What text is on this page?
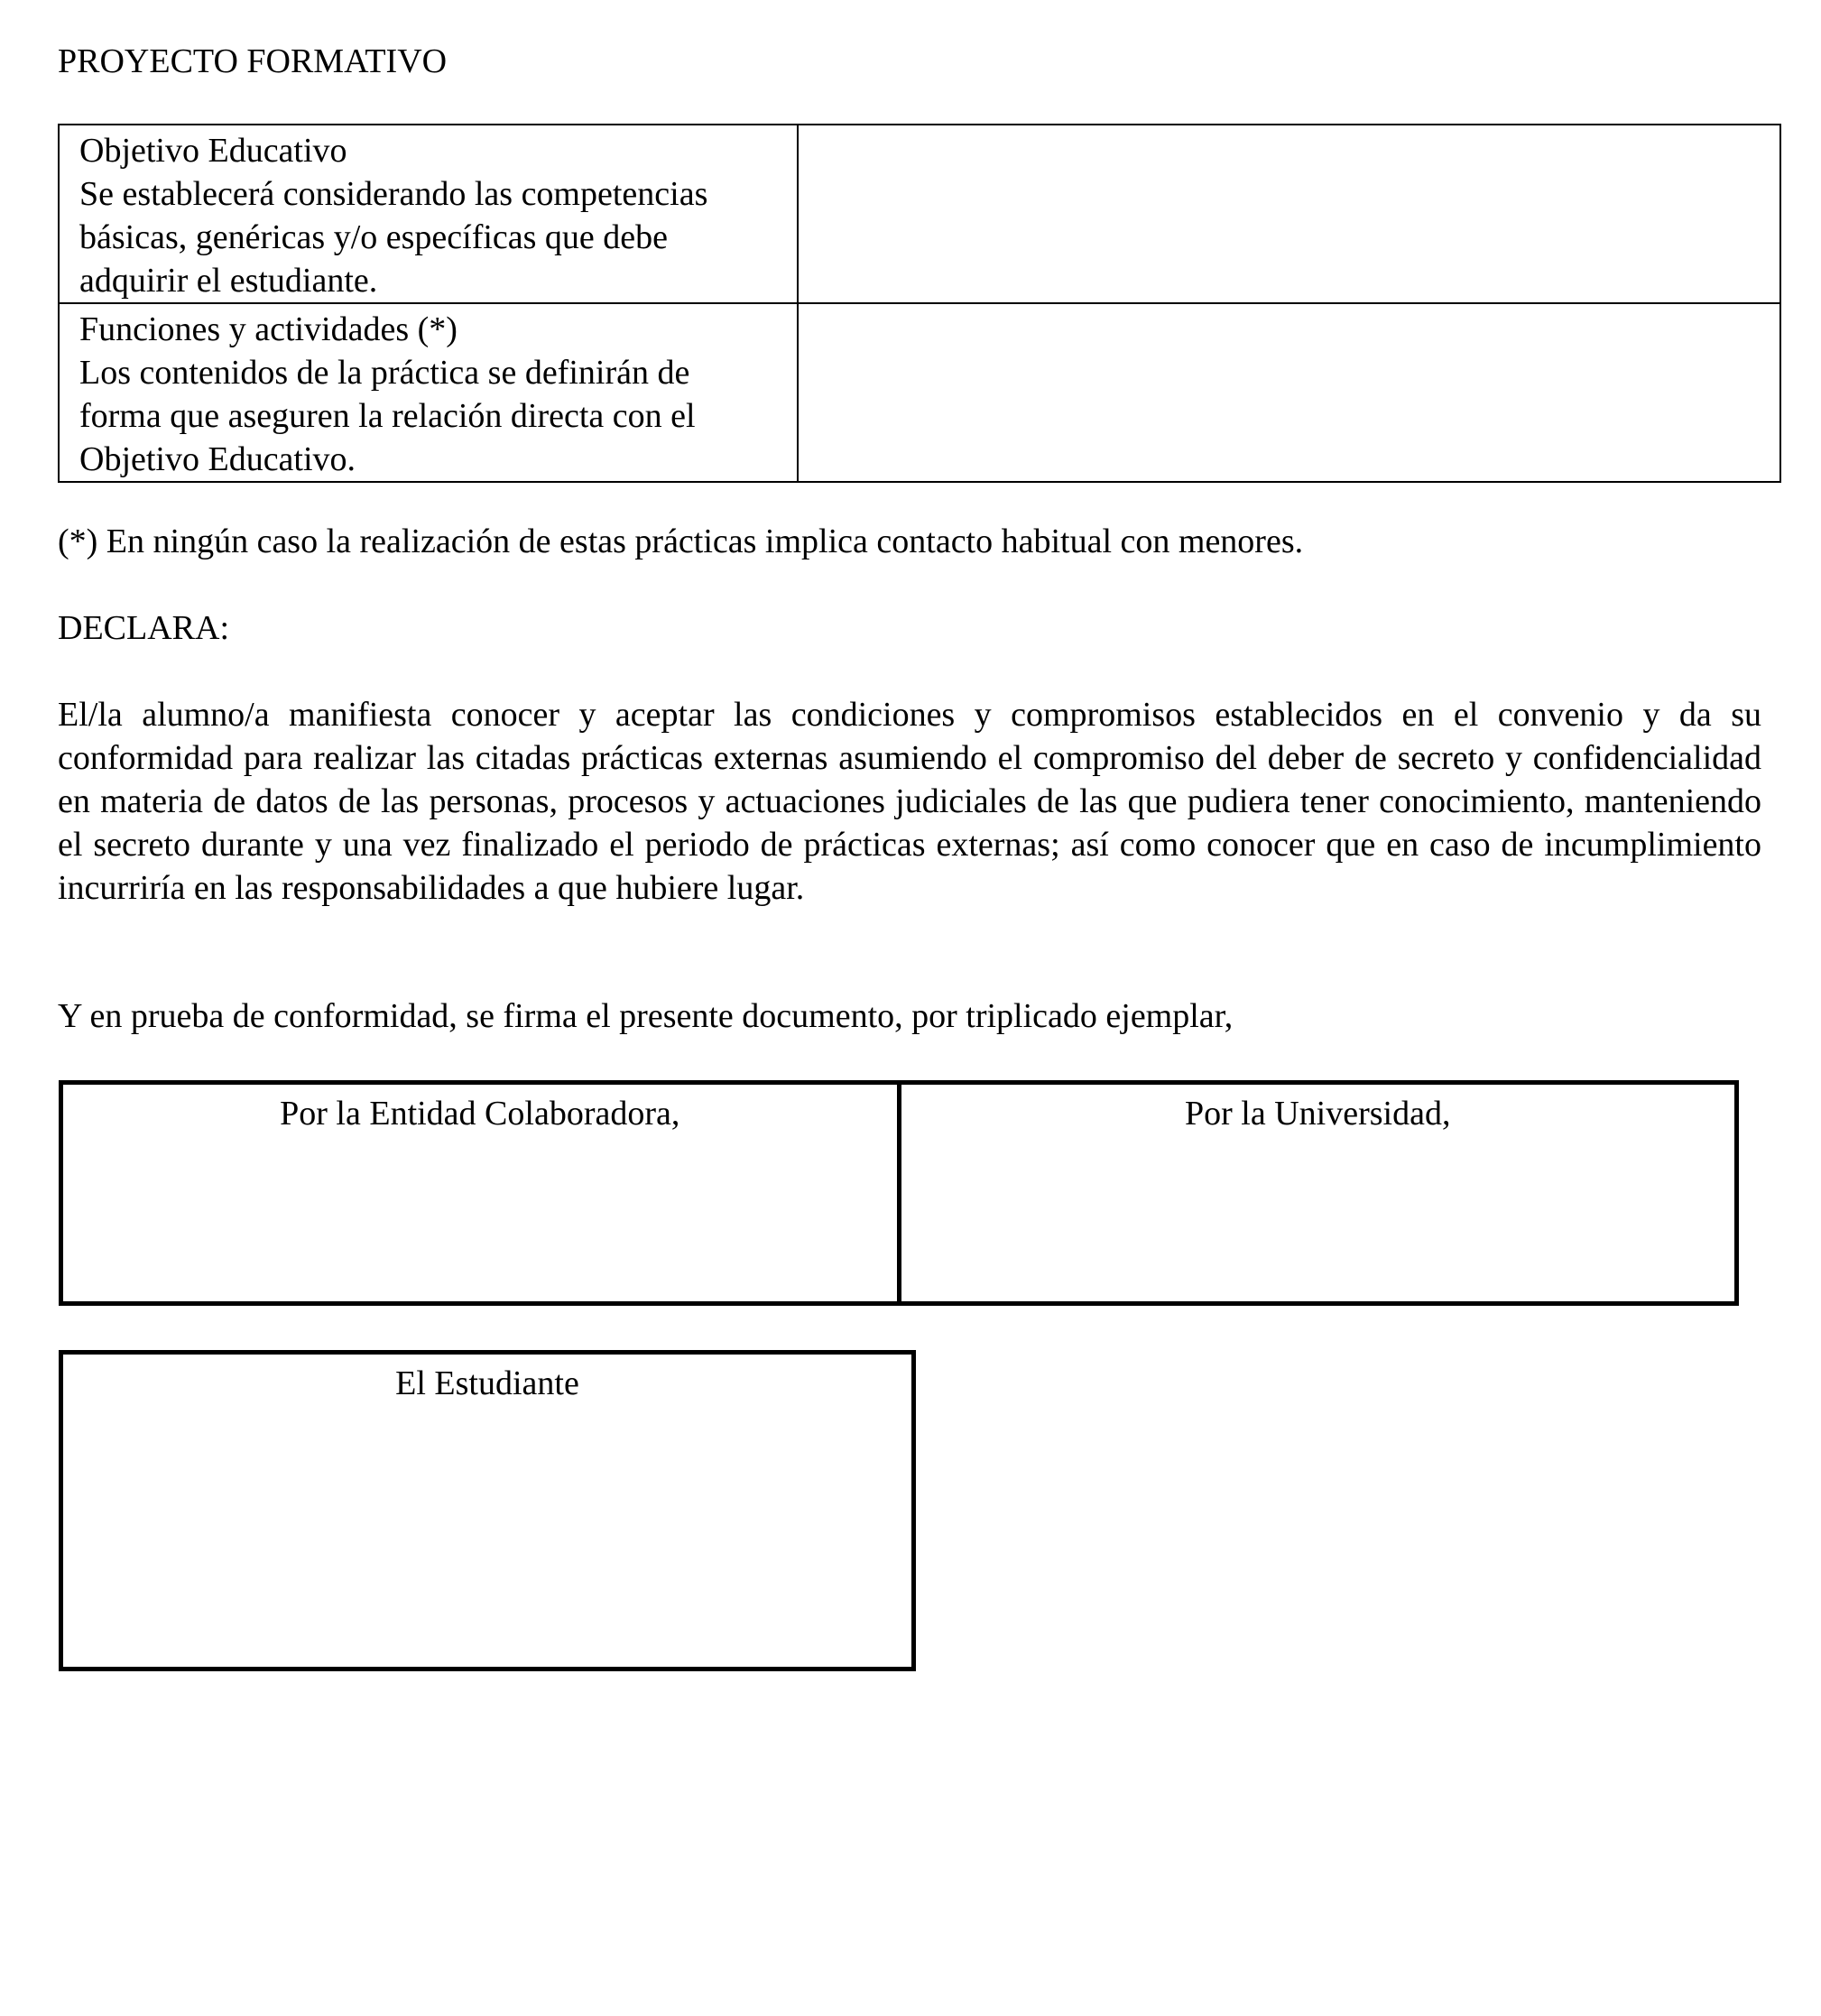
PROYECTO FORMATIVO
Objetivo Educativo
Se establecerá considerando las competencias básicas, genéricas y/o específicas que debe adquirir el estudiante.	

Funciones y actividades (*)
Los contenidos de la práctica se definirán de forma que aseguren la relación directa con el Objetivo Educativo.	

(*) En ningún caso la realización de estas prácticas implica contacto habitual con menores.
DECLARA:

El/la alumno/a manifiesta conocer y aceptar las condiciones y compromisos establecidos en el convenio y da su conformidad para realizar las citadas prácticas externas asumiendo el compromiso del deber de secreto y confidencialidad en materia de datos de las personas, procesos y actuaciones judiciales de las que pudiera tener conocimiento, manteniendo el secreto durante y una vez finalizado el periodo de prácticas externas; así como conocer que en caso de incumplimiento incurriría en las responsabilidades a que hubiere lugar.

Y en prueba de conformidad, se firma el presente documento, por triplicado ejemplar,
Por la Entidad Colaboradora,	Por la Universidad,
El Estudiante
